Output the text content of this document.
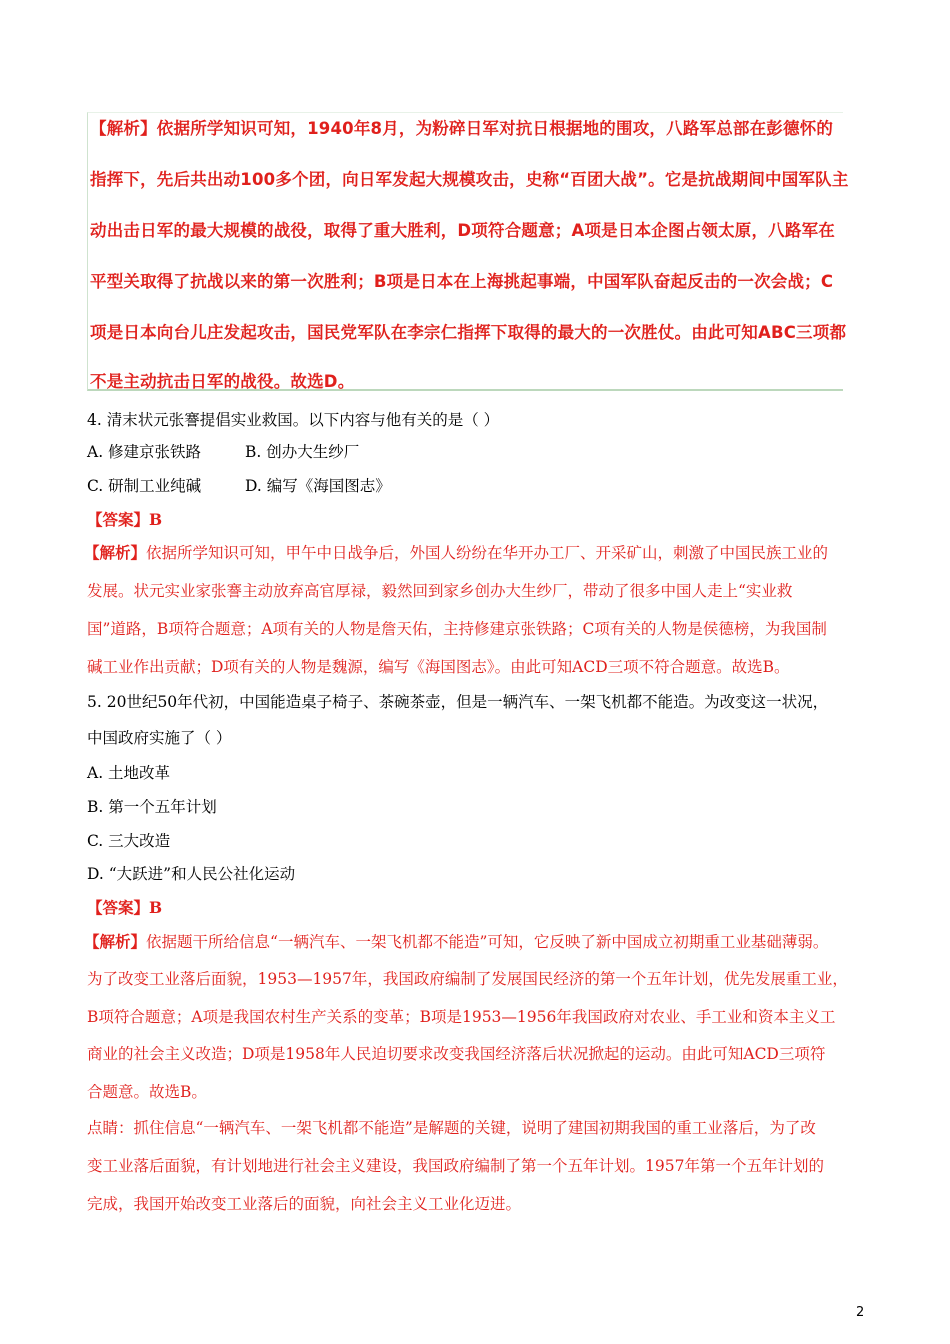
【解析】依据所学知识可知，1940年8月，为粉碎日军对抗日根据地的围攻，八路军总部在彭德怀的
指挥下，先后共出动100多个团，向日军发起大规模攻击，史称“百团大战”。它是抗战期间中国军队主
动出击日军的最大规模的战役，取得了重大胜利，D项符合题意；A项是日本企图占领太原，八路军在
平型关取得了抗战以来的第一次胜利；B项是日本在上海挑起事端，中国军队奋起反击的一次会战；C
项是日本向台儿庄发起攻击，国民党军队在李宗仁指挥下取得的最大的一次胜仗。由此可知ABC三项都
不是主动抗击日军的战役。故选D。
4. 清末状元张謇提倡实业救国。以下内容与他有关的是（ ）
A. 修建京张铁路	B. 创办大生纱厂
C. 研制工业纯碱	D. 编写《海国图志》
【答案】B
【解析】依据所学知识可知，甲午中日战争后，外国人纷纷在华开办工厂、开采矿山，刺激了中国民族工业的
发展。状元实业家张謇主动放弃高官厚禄，毅然回到家乡创办大生纱厂，带动了很多中国人走上“实业救
国”道路，B项符合题意；A项有关的人物是詹天佑，主持修建京张铁路；C项有关的人物是侯德榜，为我国制
碱工业作出贡献；D项有关的人物是魏源，编写《海国图志》。由此可知ACD三项不符合题意。故选B。
5. 20世纪50年代初，中国能造桌子椅子、茶碗茶壶，但是一辆汽车、一架飞机都不能造。为改变这一状况，
中国政府实施了（ ）
A. 土地改革
B. 第一个五年计划
C. 三大改造
D. “大跃进”和人民公社化运动
【答案】B
【解析】依据题干所给信息“一辆汽车、一架飞机都不能造”可知，它反映了新中国成立初期重工业基础薄弱。
为了改变工业落后面貌，1953—1957年，我国政府编制了发展国民经济的第一个五年计划，优先发展重工业，
B项符合题意；A项是我国农村生产关系的变革；B项是1953—1956年我国政府对农业、手工业和资本主义工
商业的社会主义改造；D项是1958年人民迫切要求改变我国经济落后状况掀起的运动。由此可知ACD三项符
合题意。故选B。
点睛：抓住信息“一辆汽车、一架飞机都不能造”是解题的关键，说明了建国初期我国的重工业落后，为了改
变工业落后面貌，有计划地进行社会主义建设，我国政府编制了第一个五年计划。1957年第一个五年计划的
完成，我国开始改变工业落后的面貌，向社会主义工业化迈进。
2
